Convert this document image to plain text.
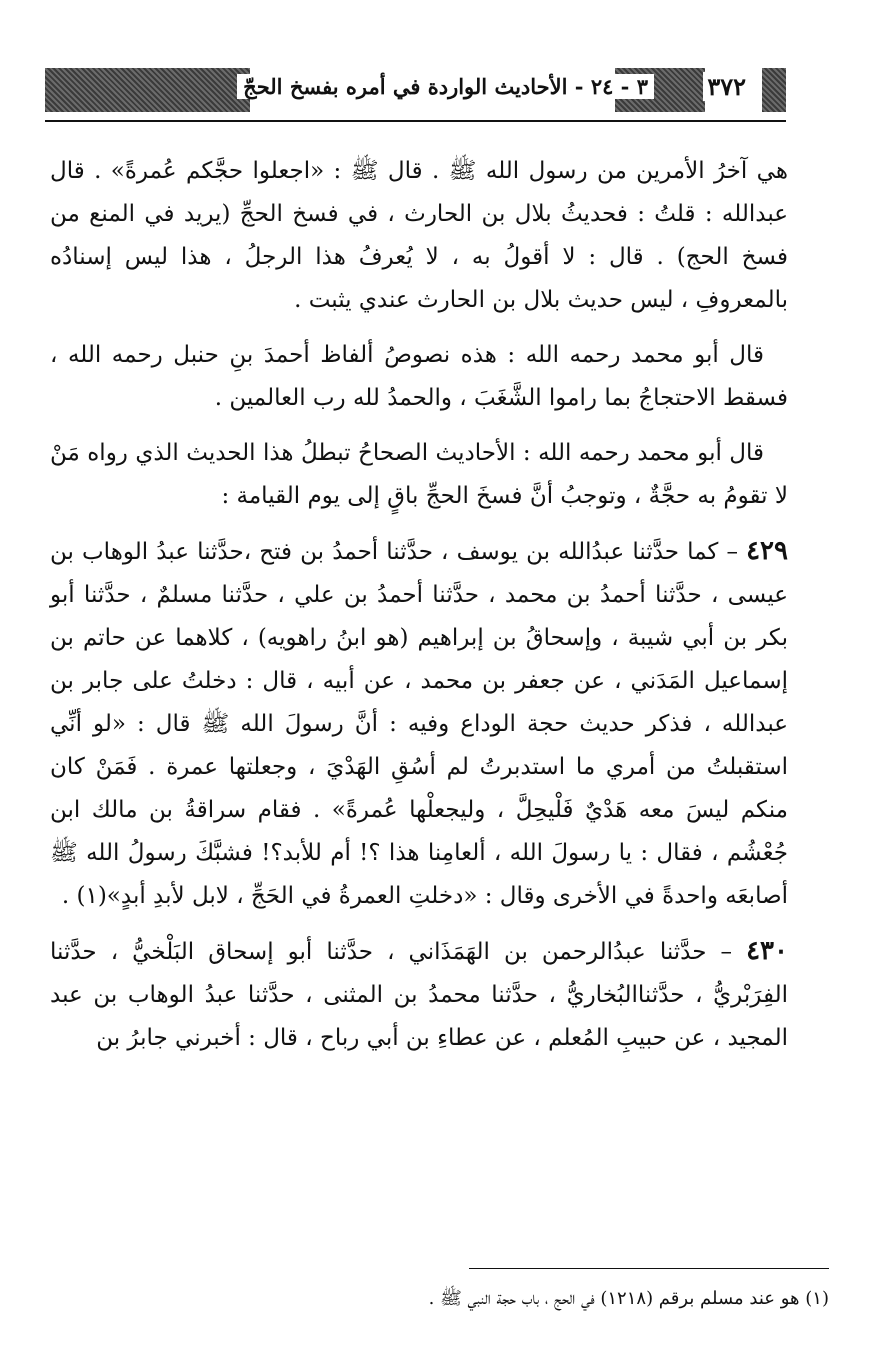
٣٧٢
٣ - ٢٤ - الأحاديث الواردة في أمره بفسخ الحجّ

هي آخرُ الأمرين من رسول الله ﷺ . قال ﷺ : «اجعلوا حجَّكم عُمرةً» . قال عبدالله : قلتُ : فحديثُ بلال بن الحارث ، في فسخ الحجِّ (يريد في المنع من فسخ الحج) . قال : لا أقولُ به ، لا يُعرفُ هذا الرجلُ ، هذا ليس إسنادُه بالمعروفِ ، ليس حديث بلال بن الحارث عندي يثبت .

قال أبو محمد رحمه الله : هذه نصوصُ ألفاظ أحمدَ بنِ حنبل رحمه الله ، فسقط الاحتجاجُ بما راموا الشَّغَبَ ، والحمدُ لله رب العالمين .

قال أبو محمد رحمه الله : الأحاديث الصحاحُ تبطلُ هذا الحديث الذي رواه مَنْ لا تقومُ به حجَّةٌ ، وتوجبُ أنَّ فسخَ الحجِّ باقٍ إلى يوم القيامة :

٤٢٩ – كما حدَّثنا عبدُالله بن يوسف ، حدَّثنا أحمدُ بن فتح ،حدَّثنا عبدُ الوهاب بن عيسى ، حدَّثنا أحمدُ بن محمد ، حدَّثنا أحمدُ بن علي ، حدَّثنا مسلمٌ ، حدَّثنا أبو بكر بن أبي شيبة ، وإسحاقُ بن إبراهيم (هو ابنُ راهويه) ، كلاهما عن حاتم بن إسماعيل المَدَني ، عن جعفر بن محمد ، عن أبيه ، قال : دخلتُ على جابر بن عبدالله ، فذكر حديث حجة الوداع وفيه : أنَّ رسولَ الله ﷺ قال : «لو أنِّي استقبلتُ من أمري ما استدبرتُ لم أسُقِ الهَدْيَ ، وجعلتها عمرة . فَمَنْ كان منكم ليسَ معه هَدْيٌ فَلْيحِلَّ ، وليجعلْها عُمرةً» . فقام سراقةُ بن مالك ابن جُعْشُم ، فقال : يا رسولَ الله ، ألعامِنا هذا ؟! أم للأبد؟! فشبَّكَ رسولُ الله ﷺ أصابعَه واحدةً في الأخرى وقال : «دخلتِ العمرةُ في الحَجِّ ، لابل لأبدِ أبدٍ»(١) .

٤٣٠ – حدَّثنا عبدُالرحمن بن الهَمَذَاني ، حدَّثنا أبو إسحاق البَلْخيُّ ، حدَّثنا الفِرَبْريُّ ، حدَّثناالبُخاريُّ ، حدَّثنا محمدُ بن المثنى ، حدَّثنا عبدُ الوهاب بن عبد المجيد ، عن حبيبِ المُعلم ، عن عطاءِ بن أبي رباح ، قال : أخبرني جابرُ بن

(١) هو عند مسلم برقم (١٢١٨) في الحج ، باب حجة النبي ﷺ .
